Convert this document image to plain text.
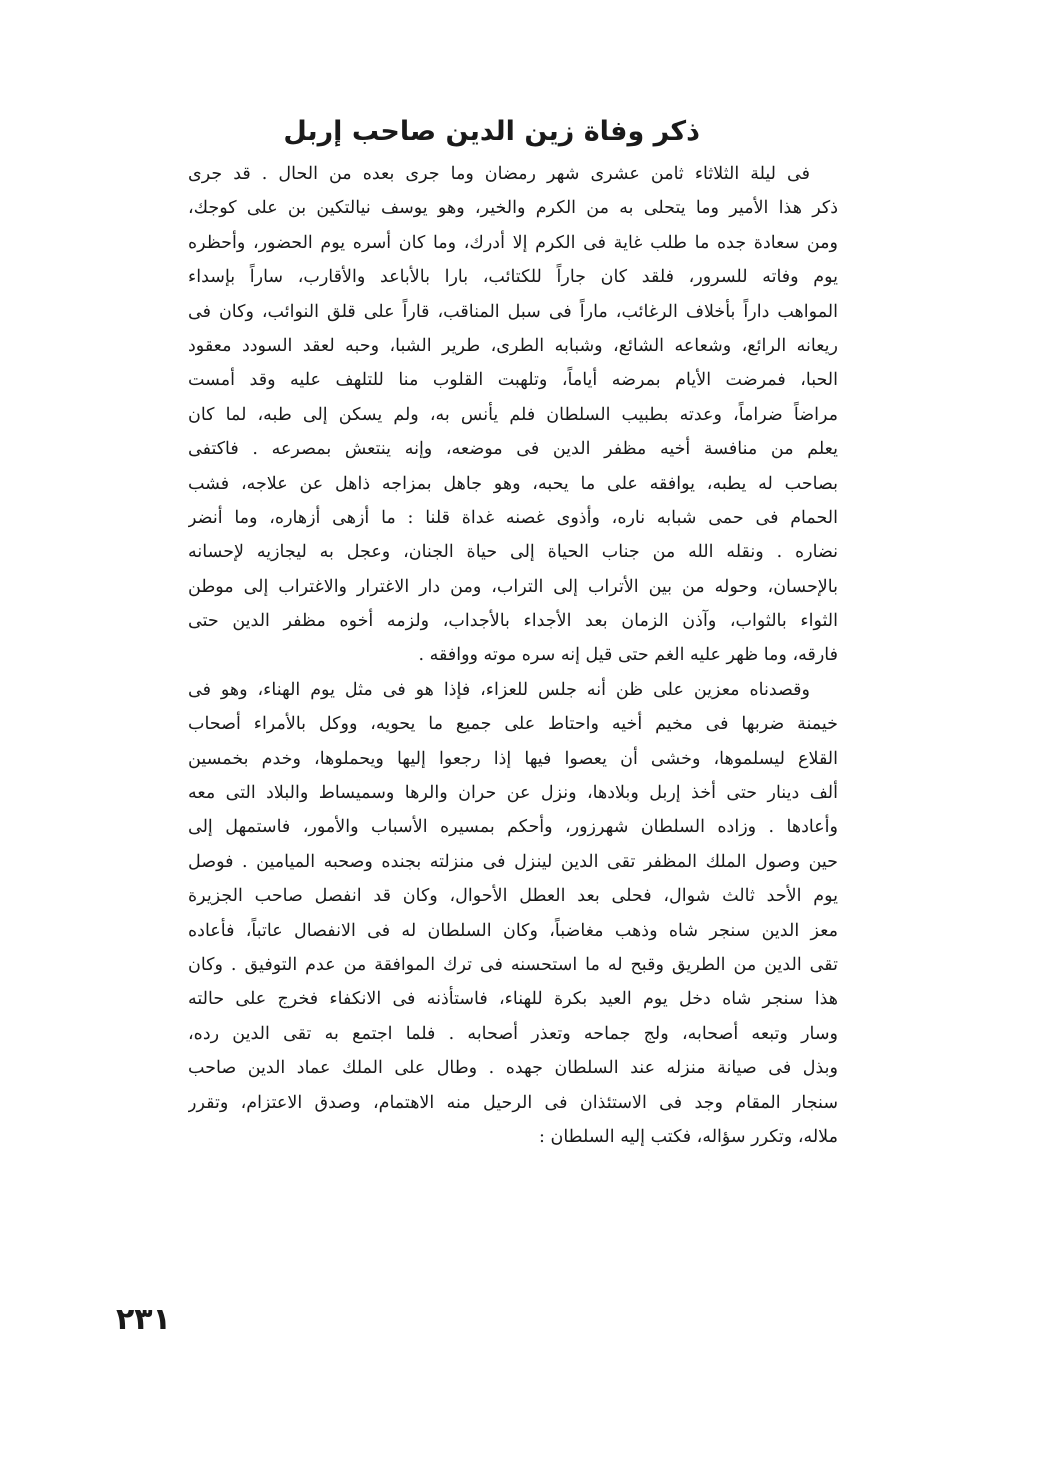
ذكر وفاة زين الدين صاحب إربل
فى ليلة الثلاثاء ثامن عشرى شهر رمضان وما جرى بعده من الحال . قد جرى
ذكر هذا الأمير وما يتحلى به من الكرم والخير، وهو يوسف نيالتكين بن على كوجك،
ومن سعادة جده ما طلب غاية فى الكرم إلا أدرك، وما كان أسره يوم الحضور، وأحظره
يوم وفاته للسرور، فلقد كان جاراً للكتائب، بارا بالأباعد والأقارب، ساراً بإسداء
المواهب داراً بأخلاف الرغائب، ماراً فى سبل المناقب، قاراً على قلق النوائب، وكان فى
ريعانه الرائع، وشعاعه الشائع، وشبابه الطرى، طرير الشبا، وحبه لعقد السودد معقود
الحبا، فمرضت الأيام بمرضه أياماً، وتلهبت القلوب منا للتلهف عليه وقد أمست
مراضاً ضراماً، وعدته بطبيب السلطان فلم يأنس به، ولم يسكن إلى طبه، لما كان
يعلم من منافسة أخيه مظفر الدين فى موضعه، وإنه ينتعش بمصرعه . فاكتفى
بصاحب له يطبه، يوافقه على ما يحبه، وهو جاهل بمزاجه ذاهل عن علاجه، فشب
الحمام فى حمى شبابه ناره، وأذوى غصنه غداة قلنا : ما أزهى أزهاره، وما أنضر
نضاره . ونقله الله من جناب الحياة إلى حياة الجنان، وعجل به ليجازيه لإحسانه
بالإحسان، وحوله من بين الأتراب إلى التراب، ومن دار الاغترار والاغتراب إلى موطن
الثواء بالثواب، وآذن الزمان بعد الأجداء بالأجداب، ولزمه أخوه مظفر الدين حتى
فارقه، وما ظهر عليه الغم حتى قيل إنه سره موته ووافقه .
وقصدناه معزين على ظن أنه جلس للعزاء، فإذا هو فى مثل يوم الهناء، وهو فى
خيمنة ضربها فى مخيم أخيه واحتاط على جميع ما يحويه، ووكل بالأمراء أصحاب
القلاع ليسلموها، وخشى أن يعصوا فيها إذا رجعوا إليها ويحملوها، وخدم بخمسين
ألف دينار حتى أخذ إربل وبلادها، ونزل عن حران والرها وسميساط والبلاد التى معه
وأعادها . وزاده السلطان شهرزور، وأحكم بمسيره الأسباب والأمور، فاستمهل إلى
حين وصول الملك المظفر تقى الدين لينزل فى منزلته بجنده وصحبه الميامين . فوصل
يوم الأحد ثالث شوال، فحلى بعد العطل الأحوال، وكان قد انفصل صاحب الجزيرة
معز الدين سنجر شاه وذهب مغاضباً، وكان السلطان له فى الانفصال عاتباً، فأعاده
تقى الدين من الطريق وقبح له ما استحسنه فى ترك الموافقة من عدم التوفيق . وكان
هذا سنجر شاه دخل يوم العيد بكرة للهناء، فاستأذنه فى الانكفاء فخرج على حالته
وسار وتبعه أصحابه، ولج جماحه وتعذر أصحابه . فلما اجتمع به تقى الدين رده،
وبذل فى صيانة منزله عند السلطان جهده . وطال على الملك عماد الدين صاحب
سنجار المقام وجد فى الاستئذان فى الرحيل منه الاهتمام، وصدق الاعتزام، وتقرر
ملاله، وتكرر سؤاله، فكتب إليه السلطان :
٢٣١
